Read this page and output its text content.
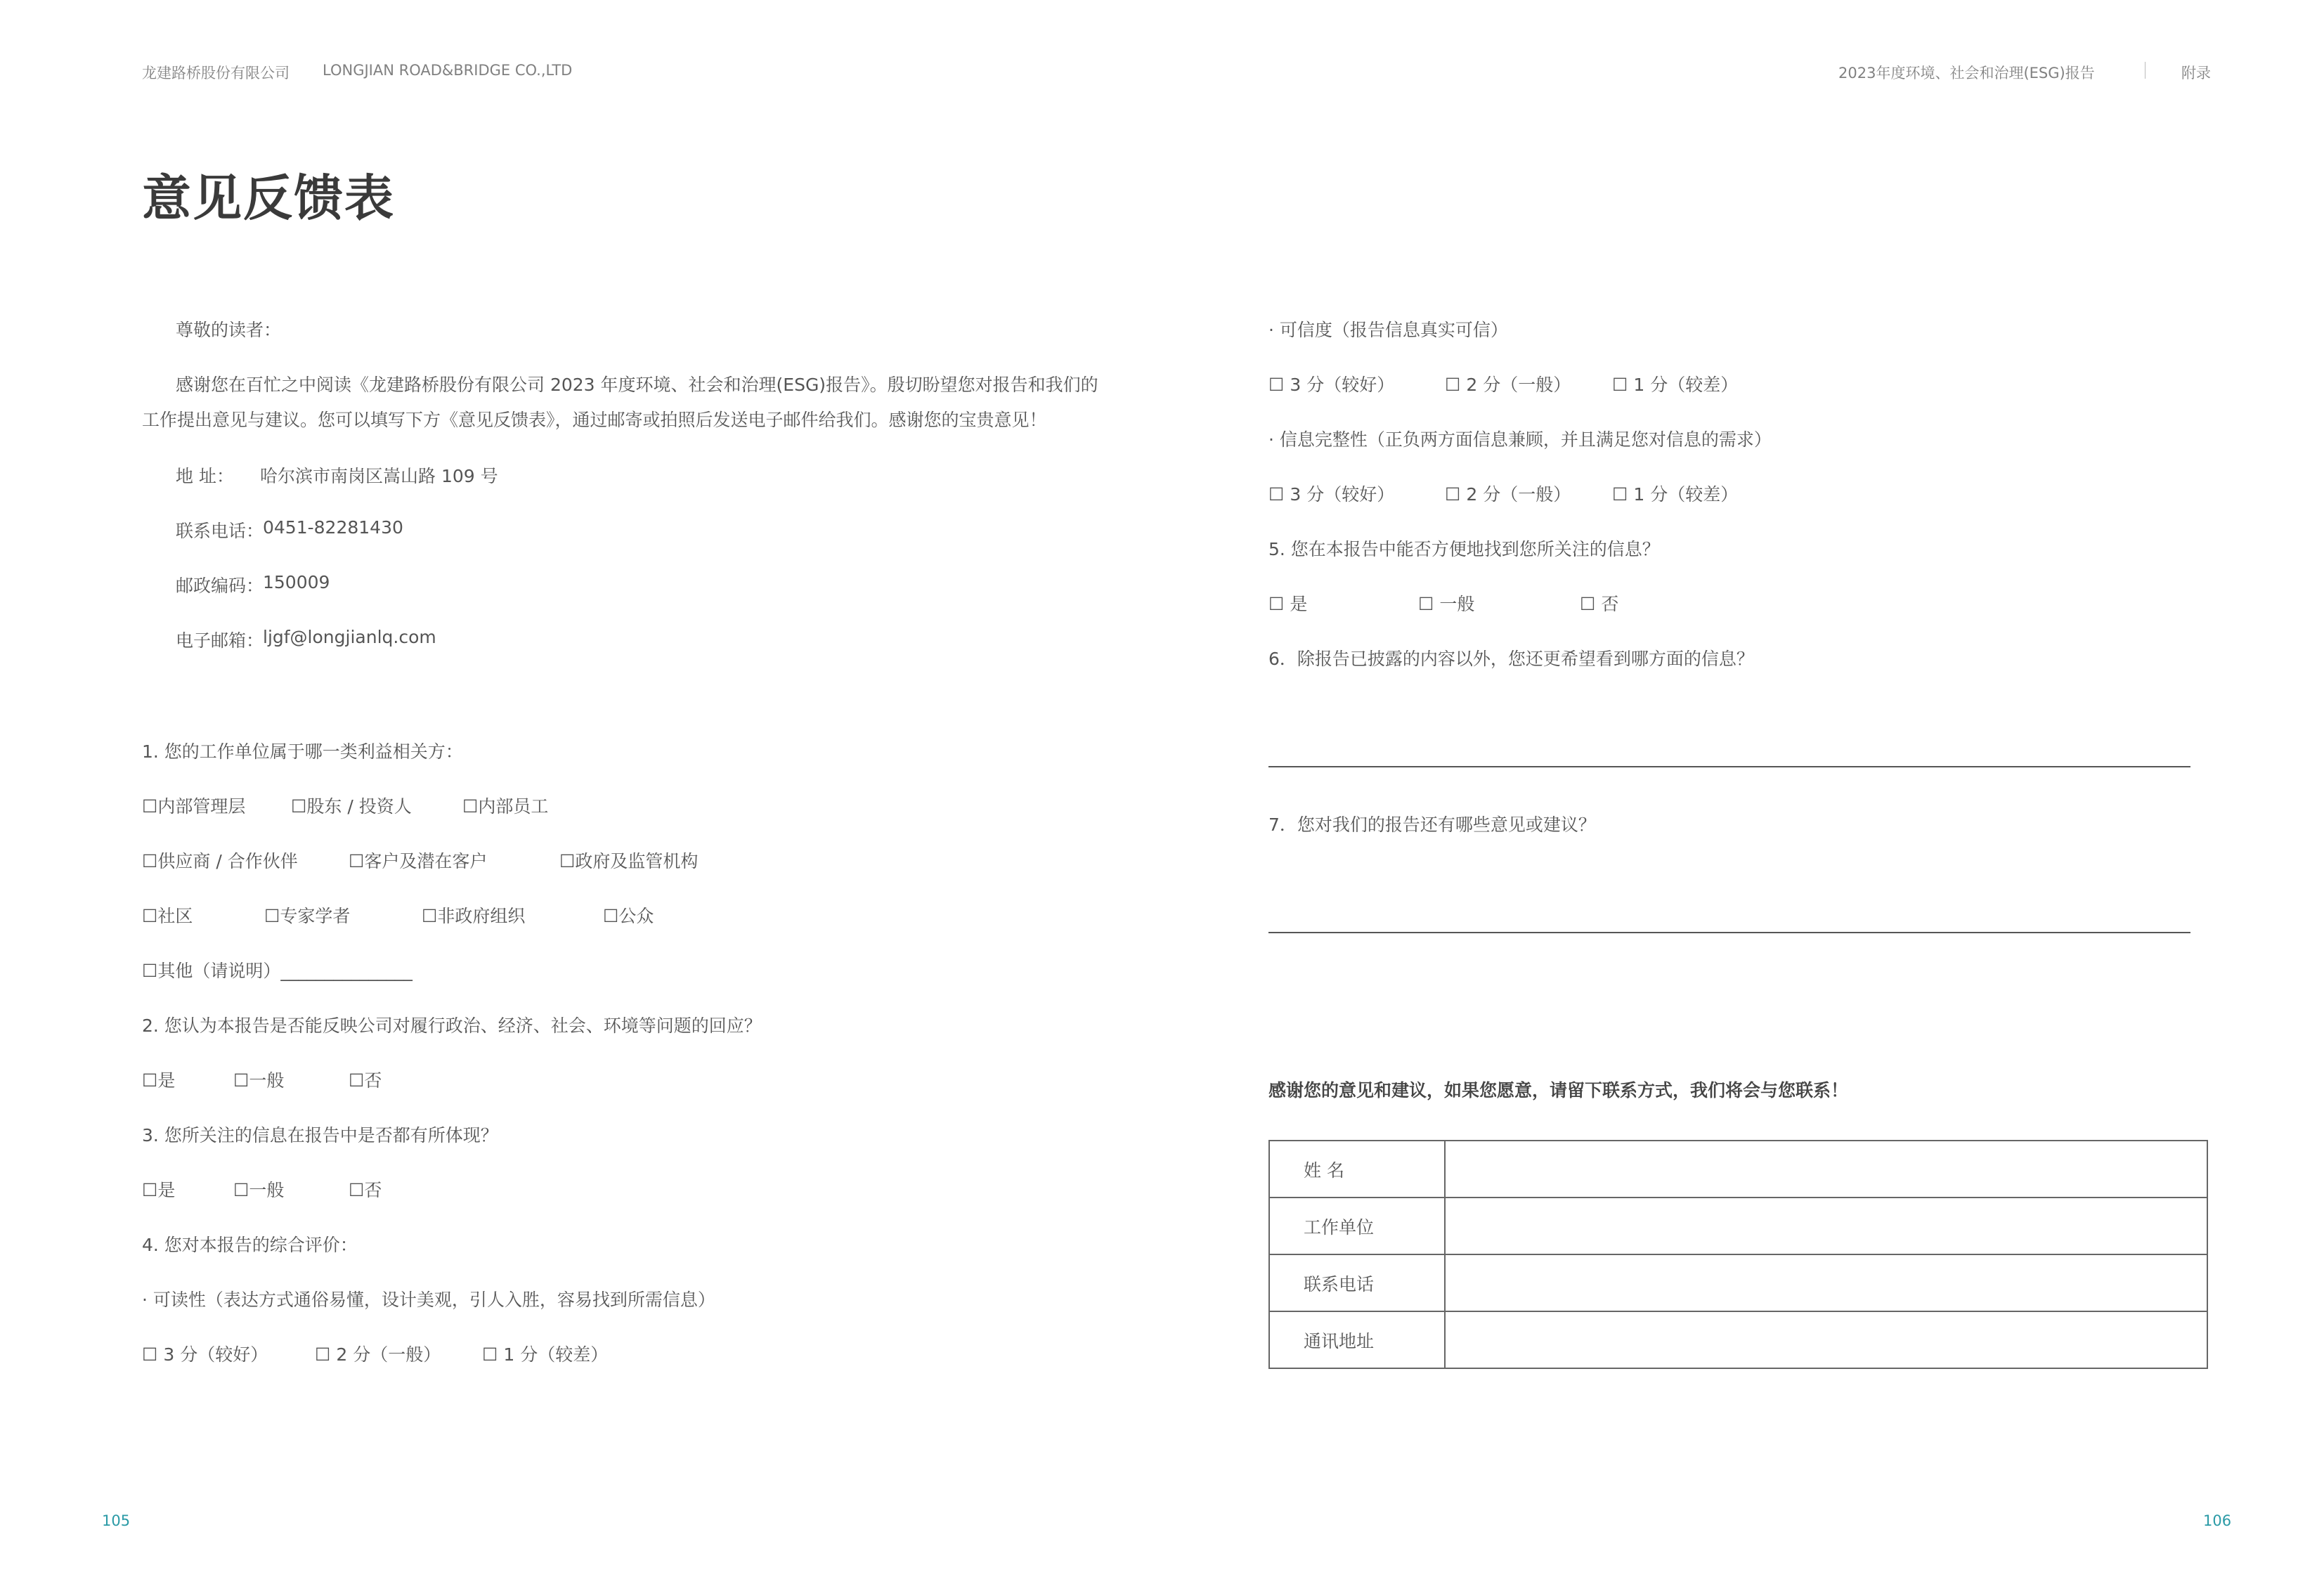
龙建路桥股份有限公司 LONGJIAN ROAD&BRIDGE CO.,LTD	2023年度环境、社会和治理(ESG)报告	附录
意见反馈表
尊敬的读者：
感谢您在百忙之中阅读《龙建路桥股份有限公司 2023 年度环境、社会和治理(ESG)报告》。殷切盼望您对报告和我们的
工作提出意见与建议。您可以填写下方《意见反馈表》，通过邮寄或拍照后发送电子邮件给我们。感谢您的宝贵意见！
地 址： 哈尔滨市南岗区嵩山路 109 号
联系电话：
0451-82281430
邮政编码：
150009
电子邮箱：
ljgf@longjianlq.com
1. 您的工作单位属于哪一类利益相关方：
☐内部管理层	☐股东 / 投资人	☐内部员工
☐供应商 / 合作伙伴	☐客户及潜在客户	☐政府及监管机构
☐社区	☐专家学者	☐非政府组织	☐公众
☐其他（请说明）_______________
2. 您认为本报告是否能反映公司对履行政治、经济、社会、环境等问题的回应？
☐是	☐一般	☐否
3. 您所关注的信息在报告中是否都有所体现？
☐是	☐一般	☐否
4. 您对本报告的综合评价：
· 可读性（表达方式通俗易懂，设计美观，引人入胜，容易找到所需信息）
☐ 3 分（较好）	☐ 2 分（一般） ☐ 1 分（较差）
· 可信度（报告信息真实可信）
☐ 3 分（较好）	☐ 2 分（一般） ☐ 1 分（较差）
· 信息完整性（正负两方面信息兼顾，并且满足您对信息的需求）
☐ 3 分（较好）	☐ 2 分（一般） ☐ 1 分（较差）
5. 您在本报告中能否方便地找到您所关注的信息？
☐ 是	☐ 一般	☐ 否
6．除报告已披露的内容以外，您还更希望看到哪方面的信息？
7．您对我们的报告还有哪些意见或建议？
感谢您的意见和建议，如果您愿意，请留下联系方式，我们将会与您联系！
姓 名	
工作单位	
联系电话	
通讯地址	
105	106
